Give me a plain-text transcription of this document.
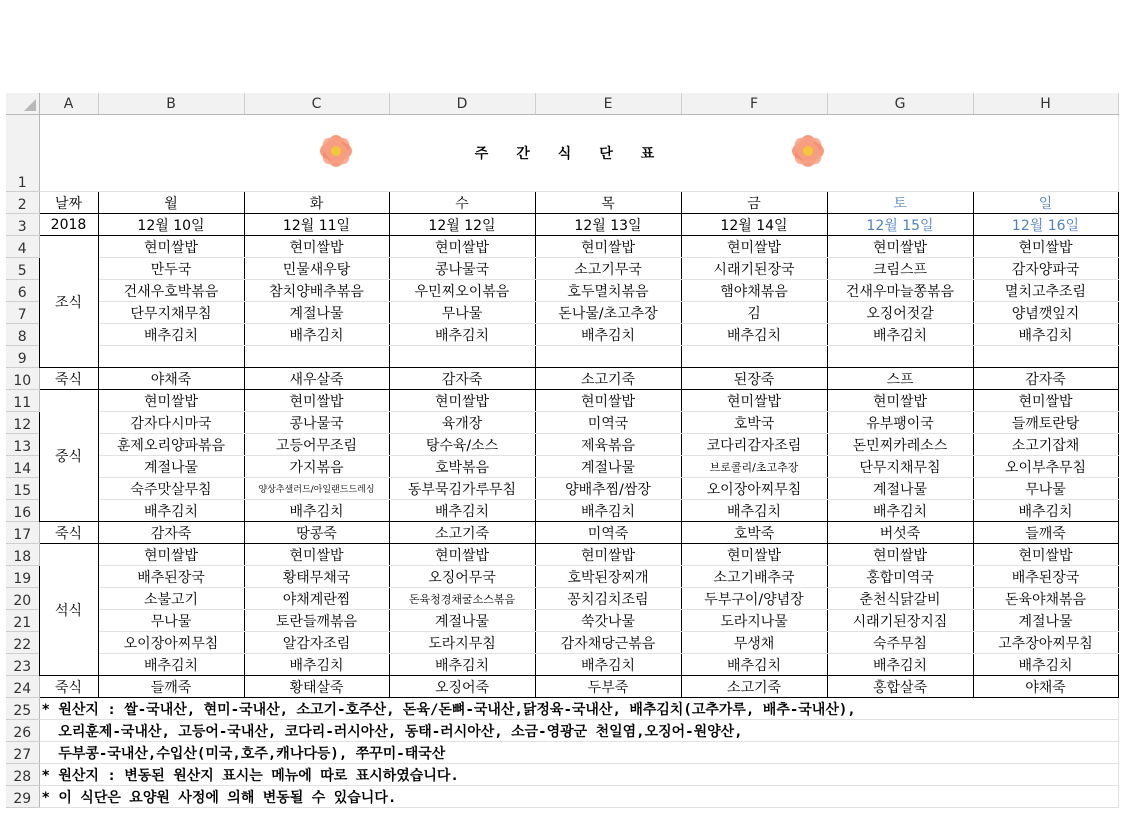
	A	B	C	D	E	F	G	H
1	주간식단표							

2	날짜	월	화	수	목	금	토	일
3	2018	12월 10일	12월 11일	12월 12일	12월 13일	12월 14일	12월 15일	12월 16일
4	조식	현미쌀밥	현미쌀밥	현미쌀밥	현미쌀밥	현미쌀밥	현미쌀밥	현미쌀밥
5		만두국	민물새우탕	콩나물국	소고기무국	시래기된장국	크림스프	감자양파국
6		건새우호박볶음	참치양배추볶음	우민찌오이볶음	호두멸치볶음	햄야채볶음	건새우마늘쫑볶음	멸치고추조림
7		단무지채무침	계절나물	무나물	돈나물/초고추장	김	오징어젓갈	양념깻잎지
8		배추김치	배추김치	배추김치	배추김치	배추김치	배추김치	배추김치
9								
10	죽식	야채죽	새우살죽	감자죽	소고기죽	된장죽	스프	감자죽
11	중식	현미쌀밥	현미쌀밥	현미쌀밥	현미쌀밥	현미쌀밥	현미쌀밥	현미쌀밥
12		감자다시마국	콩나물국	육개장	미역국	호박국	유부팽이국	들깨토란탕
13		훈제오리양파볶음	고등어무조림	탕수육/소스	제육볶음	코다리감자조림	돈민찌카레소스	소고기잡채
14		계절나물	가지볶음	호박볶음	계절나물	브로콜리/초고추장	단무지채무침	오이부추무침
15		숙주맛살무침	양상추샐러드/아일랜드드레싱	동부묵김가루무침	양배추찜/쌈장	오이장아찌무침	계절나물	무나물
16		배추김치	배추김치	배추김치	배추김치	배추김치	배추김치	배추김치
17	죽식	감자죽	땅콩죽	소고기죽	미역죽	호박죽	버섯죽	들깨죽
18	석식	현미쌀밥	현미쌀밥	현미쌀밥	현미쌀밥	현미쌀밥	현미쌀밥	현미쌀밥
19		배추된장국	황태무채국	오징어무국	호박된장찌개	소고기배추국	홍합미역국	배추된장국
20		소불고기	야채계란찜	돈육청경채굴소스볶음	꽁치김치조림	두부구이/양념장	춘천식닭갈비	돈육야채볶음
21		무나물	토란들깨볶음	계절나물	쑥갓나물	도라지나물	시래기된장지짐	계절나물
22		오이장아찌무침	알감자조림	도라지무침	감자채당근볶음	무생채	숙주무침	고추장아찌무침
23		배추김치	배추김치	배추김치	배추김치	배추김치	배추김치	배추김치
24	죽식	들깨죽	황태살죽	오징어죽	두부죽	소고기죽	홍합살죽	야채죽
25	* 원산지 : 쌀-국내산, 현미-국내산, 소고기-호주산, 돈육/돈뼈-국내산,닭정육-국내산, 배추김치(고추가루, 배추-국내산),							
26	오리훈제-국내산, 고등어-국내산, 코다리-러시아산, 동태-러시아산, 소금-영광군 천일염,오징어-원양산,							
27	두부콩-국내산,수입산(미국,호주,캐나다등), 쭈꾸미-태국산							
28	* 원산지 : 변동된 원산지 표시는 메뉴에 따로 표시하였습니다.							
29	* 이 식단은 요양원 사정에 의해 변동될 수 있습니다.							
